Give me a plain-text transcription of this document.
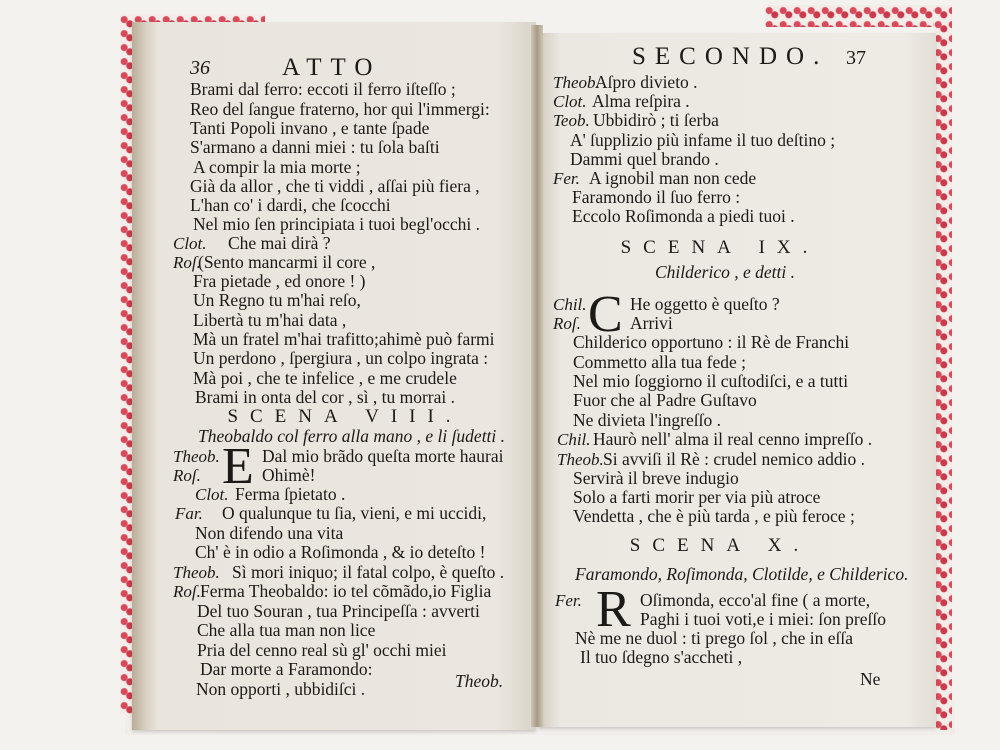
36	ATTO	SECONDO. 37
E
C
R
Theob.	Ne
Brami dal ferro: eccoti il ferro iſteſſo ;
Reo del ſangue fraterno, hor qui l'immergi:
Tanti Popoli invano , e tante ſpade
S'armano a danni miei : tu ſola baſti
A compir la mia morte ;
Già da allor , che ti viddi , aſſai più fiera ,
L'han co' i dardi, che ſcocchi
Nel mio ſen principiata i tuoi begl'occhi .
Clot. Che mai dirà ?
Roſ.
(Sento mancarmi il core ,
Fra pietade , ed onore ! )
Un Regno tu m'hai reſo,
Libertà tu m'hai data ,
Mà un fratel m'hai trafitto;ahimè può farmi
Un perdono , ſpergiura , un colpo ingrata :
Mà poi , che te infelice , e me crudele
Brami in onta del cor , sì , tu morrai .
SCENA VIII.
Theobaldo col ferro alla mano , e li ſudetti .
Theob. Dal mio brãdo queſta morte haurai
Roſ.	Ohimè!
Clot. Ferma ſpietato .
Far. O qualunque tu ſia, vieni, e mi uccidi,
Non difendo una vita
Ch' è in odio a Roſimonda , & io deteſto !
Theob. Sì mori iniquo; il fatal colpo, è queſto .
Roſ. Ferma Theobaldo: io tel cõmãdo,io Figlia
Del tuo Souran , tua Principeſſa : avverti
Che alla tua man non lice
Pria del cenno real sù gl' occhi miei
Dar morte a Faramondo:
Non opporti , ubbidiſci .
Theob.
Aſpro divieto .
Clot. Alma reſpira .
Teob. Ubbidirò ; ti ſerba
A' ſupplizio più infame il tuo deſtino ;
Dammi quel brando .
Fer. A ignobil man non cede
Faramondo il ſuo ferro :
Eccolo Roſimonda a piedi tuoi .
SCENA IX.
Childerico , e detti .
Chil. He oggetto è queſto ?
Roſ.	Arrivi
Childerico opportuno : il Rè de Franchi
Commetto alla tua fede ;
Nel mio ſoggiorno il cuſtodiſci, e a tutti
Fuor che al Padre Guſtavo
Ne divieta l'ingreſſo .
Chil. Haurò nell' alma il real cenno impreſſo .
Theob. Si avviſi il Rè : crudel nemico addio .
Servirà il breve indugio
Solo a farti morir per via più atroce
Vendetta , che è più tarda , e più feroce ;
SCENA X.
Faramondo, Roſimonda, Clotilde, e Childerico.
Fer.	Oſimonda, ecco'al fine ( a morte,
Paghi i tuoi voti,e i miei: ſon preſſo
Nè me ne duol : ti prego ſol , che in eſſa
Il tuo ſdegno s'accheti ,
